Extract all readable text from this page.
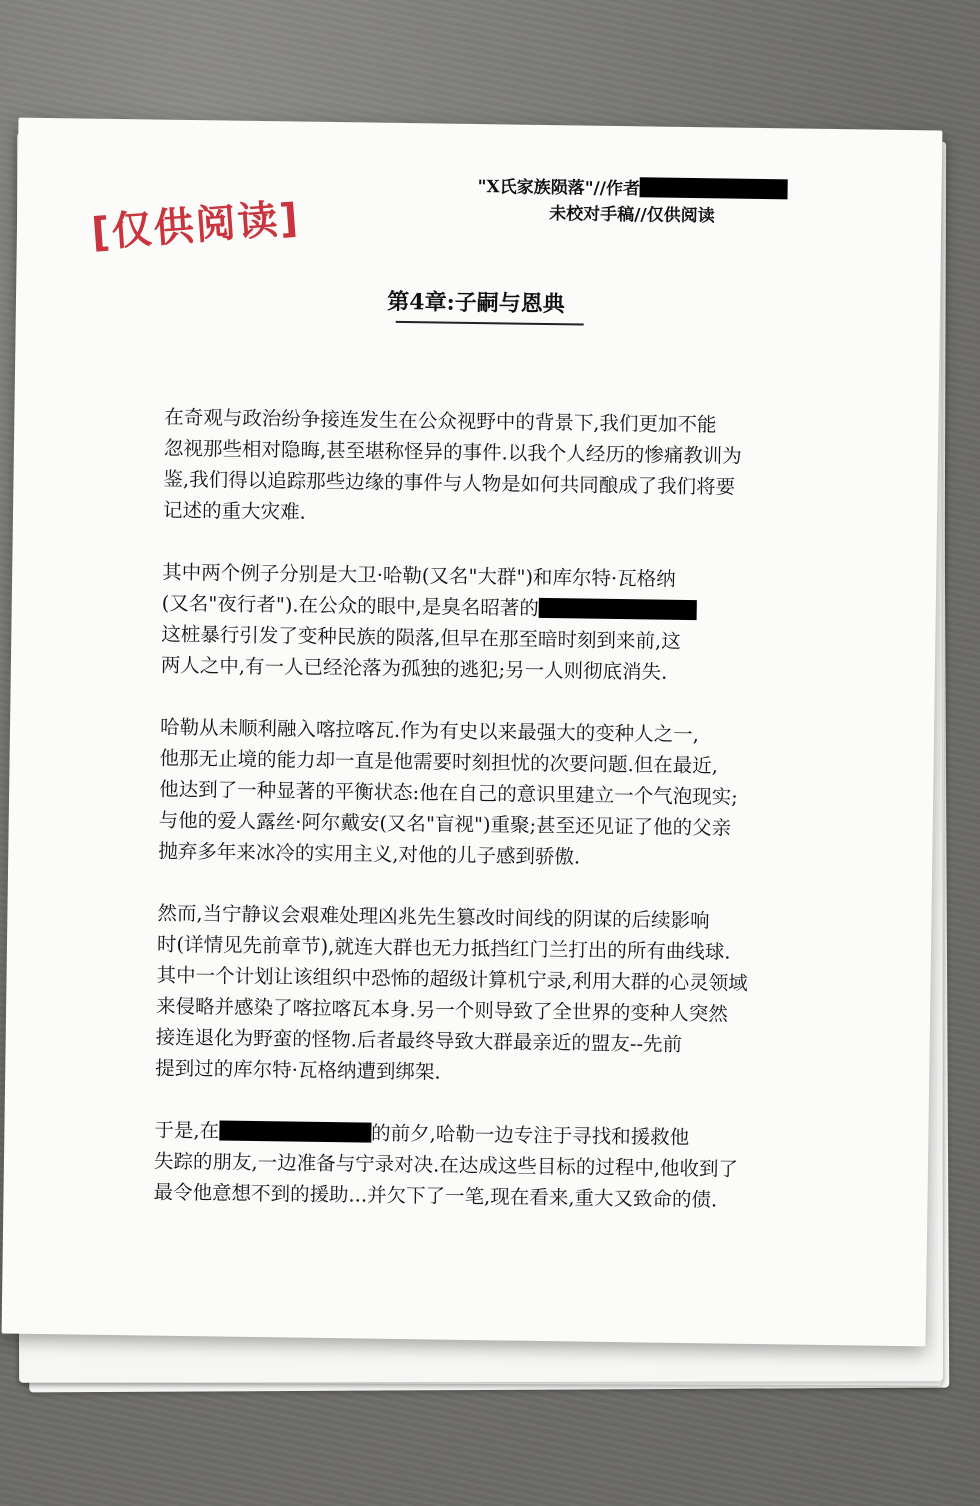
[仅供阅读]
"X氏家族陨落"//作者
未校对手稿//仅供阅读
第4章:子嗣与恩典
在奇观与政治纷争接连发生在公众视野中的背景下,我们更加不能
忽视那些相对隐晦,甚至堪称怪异的事件.以我个人经历的惨痛教训为
鉴,我们得以追踪那些边缘的事件与人物是如何共同酿成了我们将要
记述的重大灾难.
其中两个例子分别是大卫·哈勒(又名"大群")和库尔特·瓦格纳
(又名"夜行者").在公众的眼中,是臭名昭著的
这桩暴行引发了变种民族的陨落,但早在那至暗时刻到来前,这
两人之中,有一人已经沦落为孤独的逃犯;另一人则彻底消失.
哈勒从未顺利融入喀拉喀瓦.作为有史以来最强大的变种人之一,
他那无止境的能力却一直是他需要时刻担忧的次要问题.但在最近,
他达到了一种显著的平衡状态:他在自己的意识里建立一个气泡现实;
与他的爱人露丝·阿尔戴安(又名"盲视")重聚;甚至还见证了他的父亲
抛弃多年来冰冷的实用主义,对他的儿子感到骄傲.
然而,当宁静议会艰难处理凶兆先生篡改时间线的阴谋的后续影响
时(详情见先前章节),就连大群也无力抵挡红门兰打出的所有曲线球.
其中一个计划让该组织中恐怖的超级计算机宁录,利用大群的心灵领域
来侵略并感染了喀拉喀瓦本身.另一个则导致了全世界的变种人突然
接连退化为野蛮的怪物.后者最终导致大群最亲近的盟友--先前
提到过的库尔特·瓦格纳遭到绑架.
于是,在	的前夕,哈勒一边专注于寻找和援救他
失踪的朋友,一边准备与宁录对决.在达成这些目标的过程中,他收到了
最令他意想不到的援助...并欠下了一笔,现在看来,重大又致命的债.
